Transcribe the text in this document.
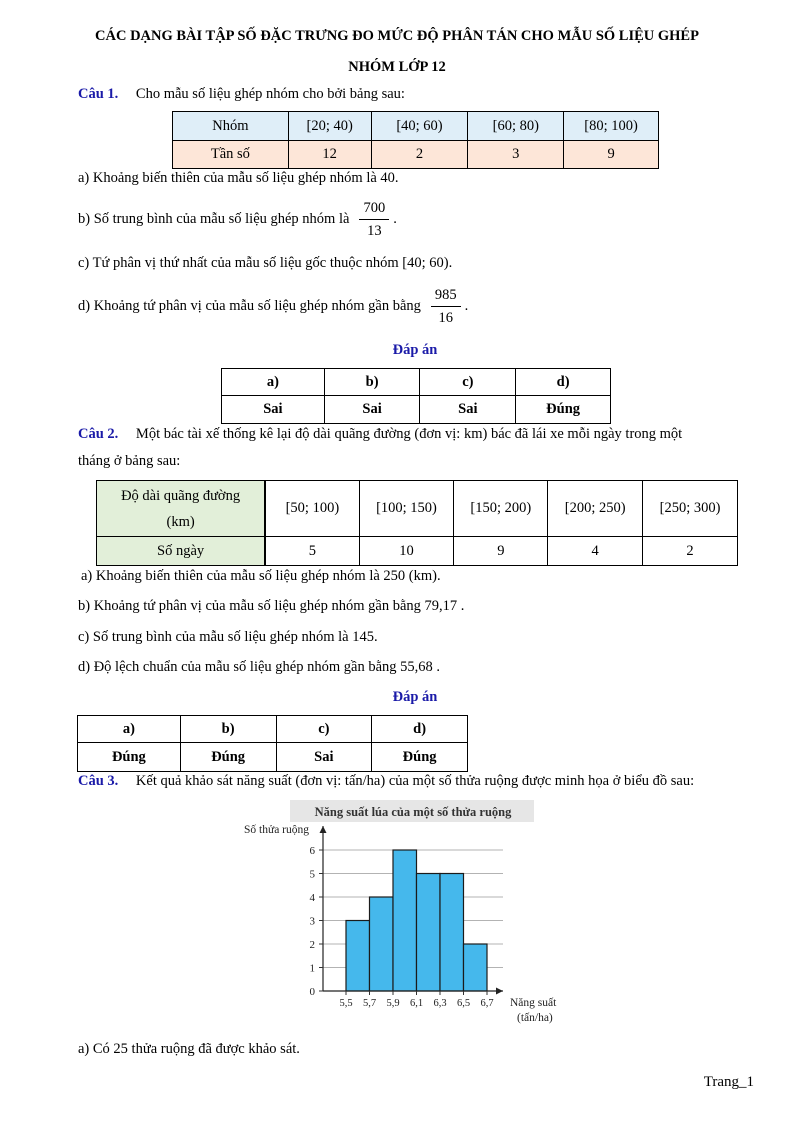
CÁC DẠNG BÀI TẬP SỐ ĐẶC TRƯNG ĐO MỨC ĐỘ PHÂN TÁN CHO MẪU SỐ LIỆU GHÉP
NHÓM LỚP 12
Câu 1. Cho mẫu số liệu ghép nhóm cho bởi bảng sau:
Nhóm	[20; 40)	[40; 60)	[60; 80)	[80; 100)
Tần số	12	2	3	9
a) Khoảng biến thiên của mẫu số liệu ghép nhóm là 40.
b) Số trung bình của mẫu số liệu ghép nhóm là $\frac{700}{13}$ .
c) Tứ phân vị thứ nhất của mẫu số liệu gốc thuộc nhóm [40; 60).
d) Khoảng tứ phân vị của mẫu số liệu ghép nhóm gần bằng $\frac{985}{16}$ .
Đáp án
a)	b)	c)	d)
Sai	Sai	Sai	Đúng
Câu 2. Một bác tài xế thống kê lại độ dài quãng đường (đơn vị: km) bác đã lái xe mỗi ngày trong một
tháng ở bảng sau:
Độ dài quãng đường
(km)	[50; 100)	[100; 150)	[150; 200)	[200; 250)	[250; 300)
Số ngày	5	10	9	4	2
a) Khoảng biến thiên của mẫu số liệu ghép nhóm là 250 (km).
b) Khoảng tứ phân vị của mẫu số liệu ghép nhóm gần bằng 79,17 .
c) Số trung bình của mẫu số liệu ghép nhóm là 145.
d) Độ lệch chuẩn của mẫu số liệu ghép nhóm gần bằng 55,68 .
Đáp án
a)	b)	c)	d)
Đúng	Đúng	Sai	Đúng
Câu 3. Kết quả khảo sát năng suất (đơn vị: tấn/ha) của một số thửa ruộng được minh họa ở biểu đồ sau:
Năng suất lúa của một số thửa ruộng
Số thửa ruộng
0
1
2
3
4
5
6
5,5 5,7 5,9 6,1 6,3 6,5 6,7 Năng suất
(tấn/ha)
a) Có 25 thửa ruộng đã được khảo sát.
Trang_1
